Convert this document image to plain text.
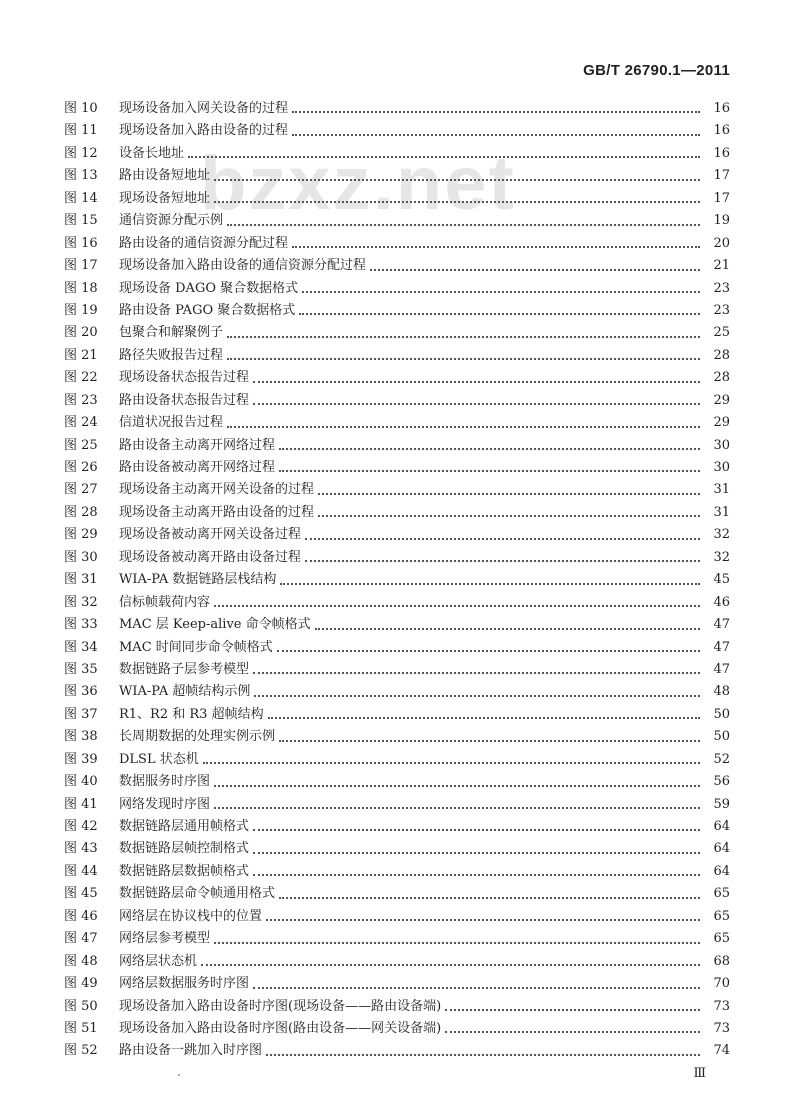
GB/T 26790.1—2011
bzxz.net
图 10	现场设备加入网关设备的过程	16
图 11	现场设备加入路由设备的过程	16
图 12	设备长地址	16
图 13	路由设备短地址	17
图 14	现场设备短地址	17
图 15	通信资源分配示例	19
图 16	路由设备的通信资源分配过程	20
图 17	现场设备加入路由设备的通信资源分配过程	21
图 18	现场设备 DAGO 聚合数据格式	23
图 19	路由设备 PAGO 聚合数据格式	23
图 20	包聚合和解聚例子	25
图 21	路径失败报告过程	28
图 22	现场设备状态报告过程	28
图 23	路由设备状态报告过程	29
图 24	信道状况报告过程	29
图 25	路由设备主动离开网络过程	30
图 26	路由设备被动离开网络过程	30
图 27	现场设备主动离开网关设备的过程	31
图 28	现场设备主动离开路由设备的过程	31
图 29	现场设备被动离开网关设备过程	32
图 30	现场设备被动离开路由设备过程	32
图 31	WIA-PA 数据链路层栈结构	45
图 32	信标帧载荷内容	46
图 33	MAC 层 Keep-alive 命令帧格式	47
图 34	MAC 时间同步命令帧格式	47
图 35	数据链路子层参考模型	47
图 36	WIA-PA 超帧结构示例	48
图 37	R1、R2 和 R3 超帧结构	50
图 38	长周期数据的处理实例示例	50
图 39	DLSL 状态机	52
图 40	数据服务时序图	56
图 41	网络发现时序图	59
图 42	数据链路层通用帧格式	64
图 43	数据链路层帧控制格式	64
图 44	数据链路层数据帧格式	64
图 45	数据链路层命令帧通用格式	65
图 46	网络层在协议栈中的位置	65
图 47	网络层参考模型	65
图 48	网络层状态机	68
图 49	网络层数据服务时序图	70
图 50	现场设备加入路由设备时序图(现场设备——路由设备端)	73
图 51	现场设备加入路由设备时序图(路由设备——网关设备端)	73
图 52	路由设备一跳加入时序图	74
Ⅲ
